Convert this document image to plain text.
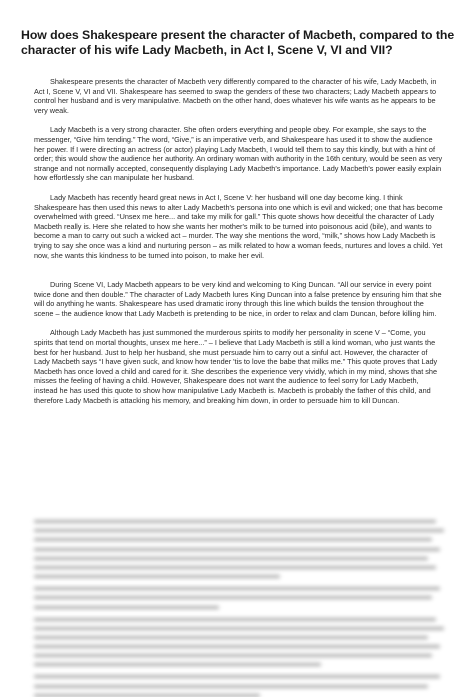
How does Shakespeare present the character of Macbeth, compared to the character of his wife Lady Macbeth, in Act I, Scene V, VI and VII?

Shakespeare presents the character of Macbeth very differently compared to the character of his wife, Lady Macbeth, in Act I, Scene V, VI and VII. Shakespeare has seemed to swap the genders of these two characters; Lady Macbeth appears to control her husband and is very manipulative. Macbeth on the other hand, does whatever his wife wants as he appears to be very weak.

Lady Macbeth is a very strong character. She often orders everything and people obey. For example, she says to the messenger, “Give him tending.” The word, “Give,” is an imperative verb, and Shakespeare has used it to show the audience her power. If I were directing an actress (or actor) playing Lady Macbeth, I would tell them to say this kindly, but with a hint of order; this would show the audience her authority. An ordinary woman with authority in the 16th century, would be seen as very strange and not normally accepted, consequently displaying Lady Macbeth's importance. Lady Macbeth's power easily explain how effortlessly she can manipulate her husband.

Lady Macbeth has recently heard great news in Act I, Scene V: her husband will one day become king. I think Shakespeare has then used this news to alter Lady Macbeth's persona into one which is evil and wicked; one that has become overwhelmed with greed. “Unsex me here... and take my milk for gall.” This quote shows how deceitful the character of Lady Macbeth really is. Here she related to how she wants her mother's milk to be turned into poisonous acid (bile), and wants to become a man to carry out such a wicked act – murder. The way she mentions the word, “milk,” shows how Lady Macbeth is trying to say she once was a kind and nurturing person – as milk related to how a woman feeds, nurtures and loves a child. Yet now, she wants this kindness to be turned into poison, to make her evil.

During Scene VI, Lady Macbeth appears to be very kind and welcoming to King Duncan. “All our service in every point twice done and then double.” The character of Lady Macbeth lures King Duncan into a false pretence by ensuring him that she will do anything he wants. Shakespeare has used dramatic irony through this line which builds the tension throughout the scene – the audience know that Lady Macbeth is pretending to be nice, in order to relax and clam Duncan, before killing him.

Although Lady Macbeth has just summoned the murderous spirits to modify her personality in scene V – “Come, you spirits that tend on mortal thoughts, unsex me here...” – I believe that Lady Macbeth is still a kind woman, who just wants the best for her husband. Just to help her husband, she must persuade him to carry out a sinful act. However, the character of Lady Macbeth says “I have given suck, and know how tender 'tis to love the babe that milks me.” This quote proves that Lady Macbeth has once loved a child and cared for it. She describes the experience very vividly, which in my mind, shows that she misses the feeling of having a child. However, Shakespeare does not want the audience to feel sorry for Lady Macbeth, instead he has used this quote to show how manipulative Lady Macbeth is. Macbeth is probably the father of this child, and therefore Lady Macbeth is attacking his memory, and breaking him down, in order to persuade him to kill Duncan.
